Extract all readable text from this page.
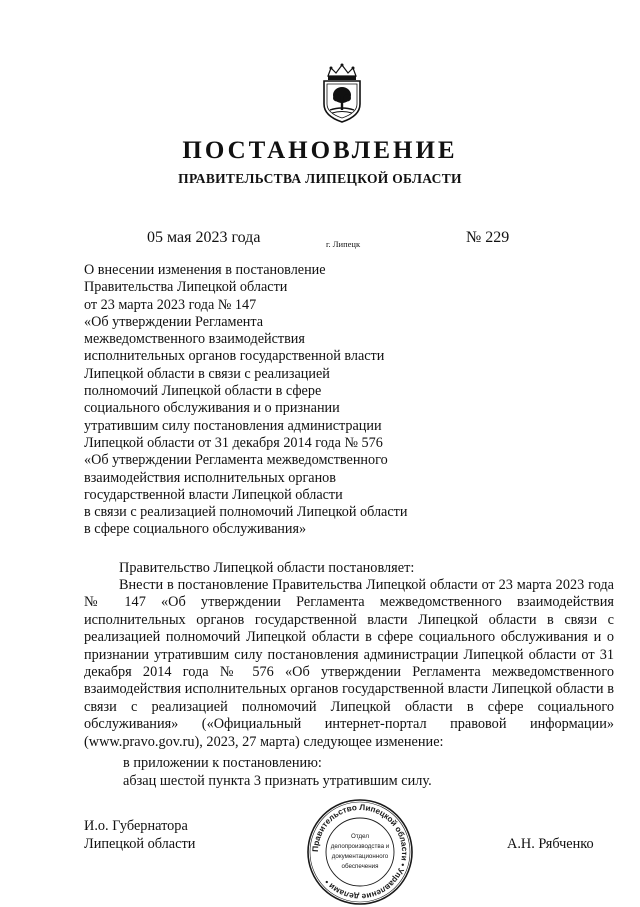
ПОСТАНОВЛЕНИЕ
ПРАВИТЕЛЬСТВА ЛИПЕЦКОЙ ОБЛАСТИ
05 мая 2023 года	г. Липецк	№ 229
О внесении изменения в постановление
Правительства Липецкой области
от 23 марта 2023 года № 147
«Об утверждении Регламента
межведомственного взаимодействия
исполнительных органов государственной власти
Липецкой области в связи с реализацией
полномочий Липецкой области в сфере
социального обслуживания и о признании
утратившим силу постановления администрации
Липецкой области от 31 декабря 2014 года № 576
«Об утверждении Регламента межведомственного
взаимодействия исполнительных органов
государственной власти Липецкой области
в связи с реализацией полномочий Липецкой области
в сфере социального обслуживания»
Правительство Липецкой области постановляет:
Внести в постановление Правительства Липецкой области от 23 марта 2023 года № 147 «Об утверждении Регламента межведомственного взаимодействия исполнительных органов государственной власти Липецкой области в связи с реализацией полномочий Липецкой области в сфере социального обслуживания и о признании утратившим силу постановления администрации Липецкой области от 31 декабря 2014 года № 576 «Об утверждении Регламента межведомственного взаимодействия исполнительных органов государственной власти Липецкой области в связи с реализацией полномочий Липецкой области в сфере социального обслуживания» («Официальный интернет-портал правовой информации» (www.pravo.gov.ru), 2023, 27 марта) следующее изменение:
в приложении к постановлению:
абзац шестой пункта 3 признать утратившим силу.
И.о. Губернатора
Липецкой области	А.Н. Рябченко
Правительство Липецкой области • Управление делами •
Отдел
делопроизводства и
документационного
обеспечения
